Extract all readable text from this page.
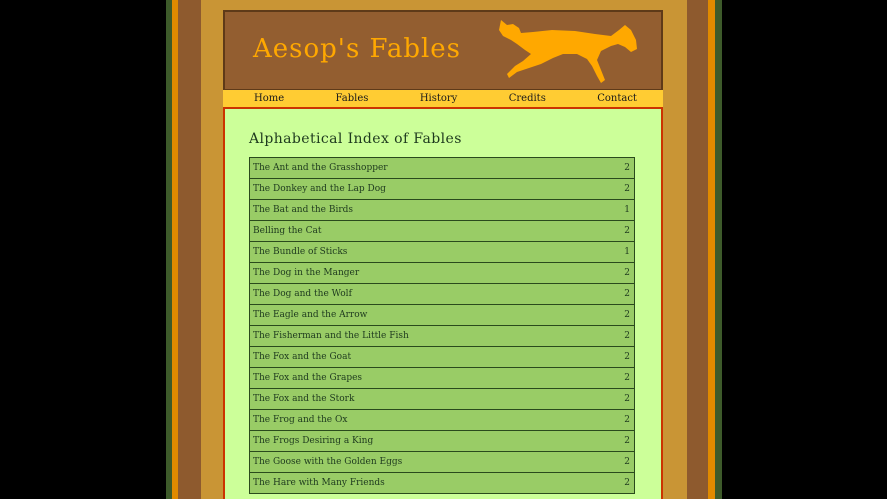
Aesop's Fables
Home	Fables	History	Credits	Contact
Alphabetical Index of Fables
The Ant and the Grasshopper	2
The Donkey and the Lap Dog	2
The Bat and the Birds	1
Belling the Cat	2
The Bundle of Sticks	1
The Dog in the Manger	2
The Dog and the Wolf	2
The Eagle and the Arrow	2
The Fisherman and the Little Fish	2
The Fox and the Goat	2
The Fox and the Grapes	2
The Fox and the Stork	2
The Frog and the Ox	2
The Frogs Desiring a King	2
The Goose with the Golden Eggs	2
The Hare with Many Friends	2
